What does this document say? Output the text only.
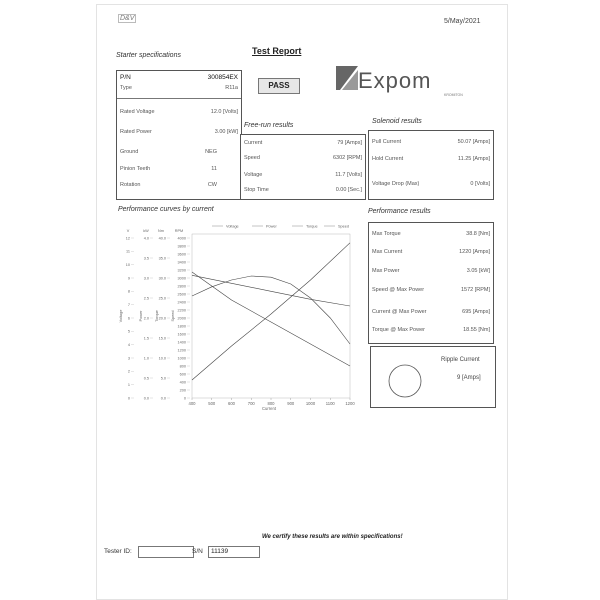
D&V	5/May/2021
Starter specifications	Test Report
P/N	300854EX
Type	R11a
Rated Voltage	12.0 [Volts]
Rated Power	3.00 [kW]
Ground	NEG
Pinion Teeth	11
Rotation	CW
PASS	Expom
KROMITON
Free-run results
Current	79 [Amps]
Speed	6302 [RPM]
Voltage	11.7 [Volts]
Stop Time	0.00 [Sec.]
Solenoid results
Pull Current	50.07 [Amps]
Hold Current	11.25 [Amps]
Voltage Drop (Max)	0 [Volts]
Performance curves by current
Voltage	Power	Torque	Speed
V	kW Nm	RPM
12
11
10
9
8
7
6
5
4
3
2
1
0
4.0
3.5
3.0
2.5
2.0
1.5
1.0
0.5
0.0
40.0
35.0
30.0
25.0
20.0
15.0
10.0
5.0
0.0
4000
3800
3600
3400
3200
3000
2800
2600
2400
2200
2000
1800
1600
1400
1200
1000
800
600
400
200
0
Voltage	Power	Torque	Speed
400	500	600	700	800	900	1000	1100	1200
Current
Performance results
Max Torque	38.8 [Nm]
Max Current	1220 [Amps]
Max Power	3.05 [kW]
Speed @ Max Power	1572 [RPM]
Current @ Max Power	695 [Amps]
Torque @ Max Power	18.55 [Nm]
Ripple Current
9 [Amps]
We certify these results are within specifications!
Tester ID:	S/N	11139
